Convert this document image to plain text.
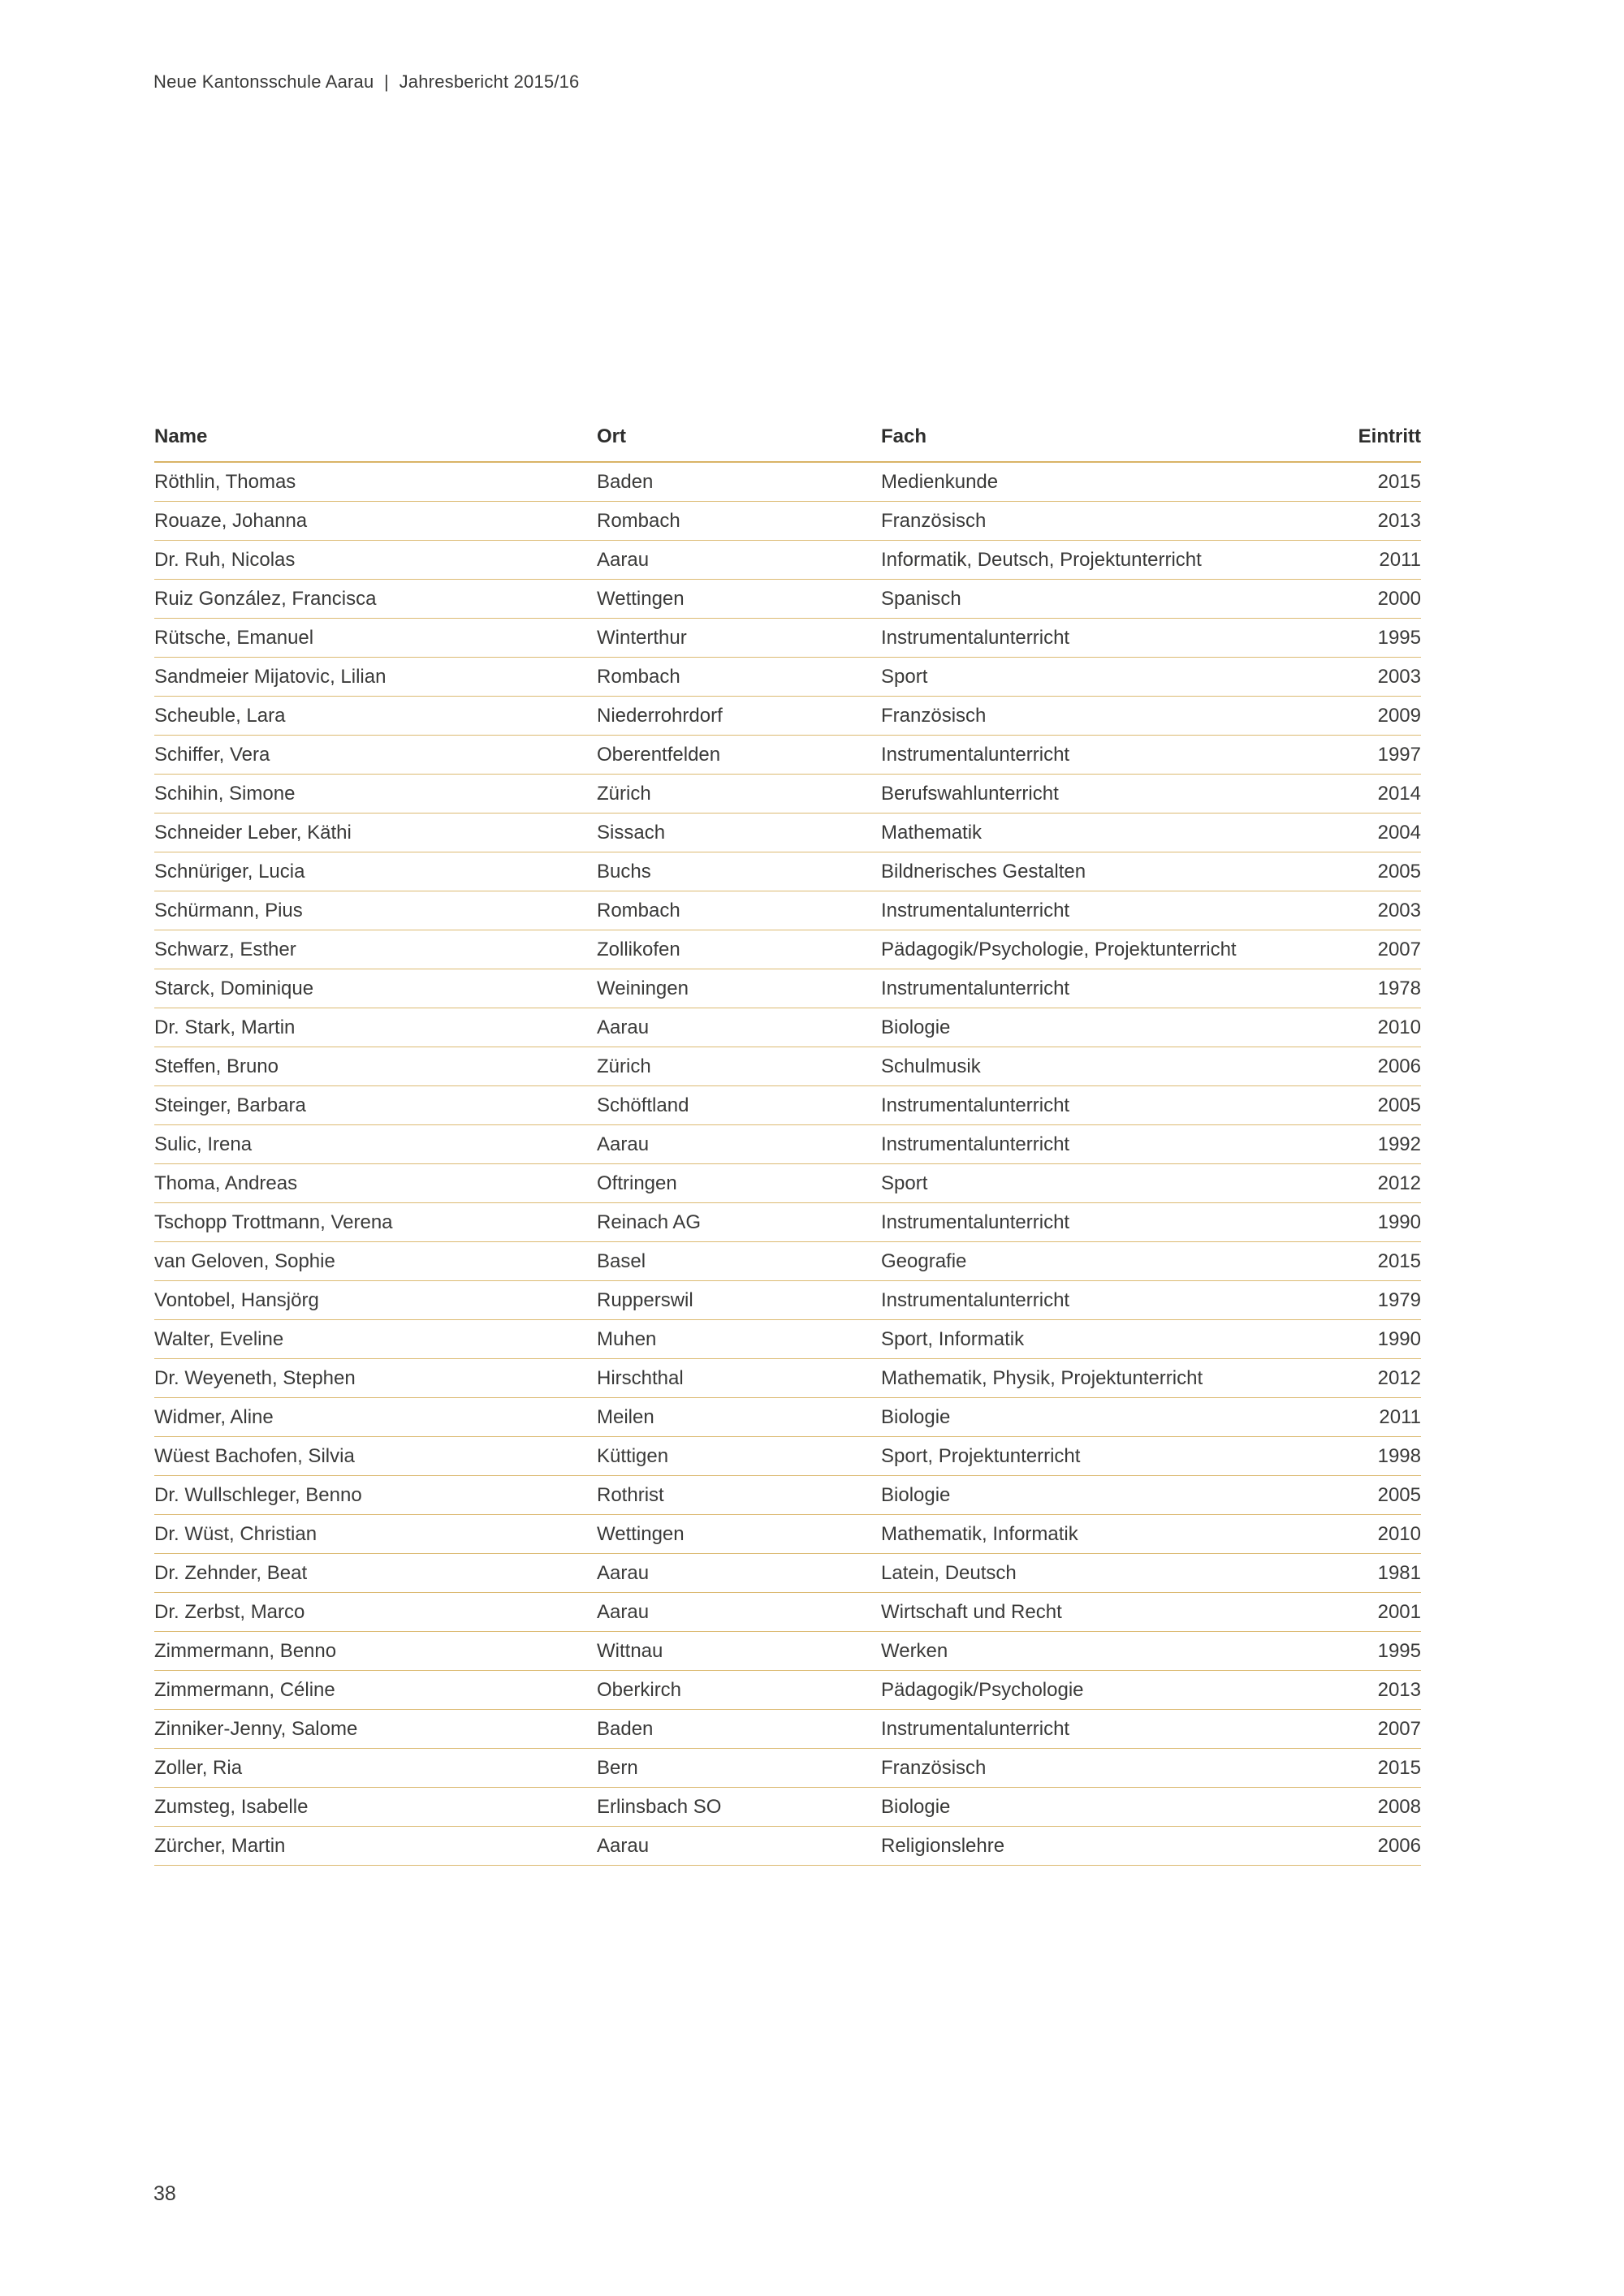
Neue Kantonsschule Aarau  |  Jahresbericht 2015/16
Name	Ort	Fach	Eintritt
Röthlin, Thomas	Baden	Medienkunde	2015
Rouaze, Johanna	Rombach	Französisch	2013
Dr. Ruh, Nicolas	Aarau	Informatik, Deutsch, Projektunterricht	2011
Ruiz González, Francisca	Wettingen	Spanisch	2000
Rütsche, Emanuel	Winterthur	Instrumentalunterricht	1995
Sandmeier Mijatovic, Lilian	Rombach	Sport	2003
Scheuble, Lara	Niederrohrdorf	Französisch	2009
Schiffer, Vera	Oberentfelden	Instrumentalunterricht	1997
Schihin, Simone	Zürich	Berufswahlunterricht	2014
Schneider Leber, Käthi	Sissach	Mathematik	2004
Schnüriger, Lucia	Buchs	Bildnerisches Gestalten	2005
Schürmann, Pius	Rombach	Instrumentalunterricht	2003
Schwarz, Esther	Zollikofen	Pädagogik/Psychologie, Projektunterricht	2007
Starck, Dominique	Weiningen	Instrumentalunterricht	1978
Dr. Stark, Martin	Aarau	Biologie	2010
Steffen, Bruno	Zürich	Schulmusik	2006
Steinger, Barbara	Schöftland	Instrumentalunterricht	2005
Sulic, Irena	Aarau	Instrumentalunterricht	1992
Thoma, Andreas	Oftringen	Sport	2012
Tschopp Trottmann, Verena	Reinach AG	Instrumentalunterricht	1990
van Geloven, Sophie	Basel	Geografie	2015
Vontobel, Hansjörg	Rupperswil	Instrumentalunterricht	1979
Walter, Eveline	Muhen	Sport, Informatik	1990
Dr. Weyeneth, Stephen	Hirschthal	Mathematik, Physik, Projektunterricht	2012
Widmer, Aline	Meilen	Biologie	2011
Wüest Bachofen, Silvia	Küttigen	Sport, Projektunterricht	1998
Dr. Wullschleger, Benno	Rothrist	Biologie	2005
Dr. Wüst, Christian	Wettingen	Mathematik, Informatik	2010
Dr. Zehnder, Beat	Aarau	Latein, Deutsch	1981
Dr. Zerbst, Marco	Aarau	Wirtschaft und Recht	2001
Zimmermann, Benno	Wittnau	Werken	1995
Zimmermann, Céline	Oberkirch	Pädagogik/Psychologie	2013
Zinniker-Jenny, Salome	Baden	Instrumentalunterricht	2007
Zoller, Ria	Bern	Französisch	2015
Zumsteg, Isabelle	Erlinsbach SO	Biologie	2008
Zürcher, Martin	Aarau	Religionslehre	2006
38
